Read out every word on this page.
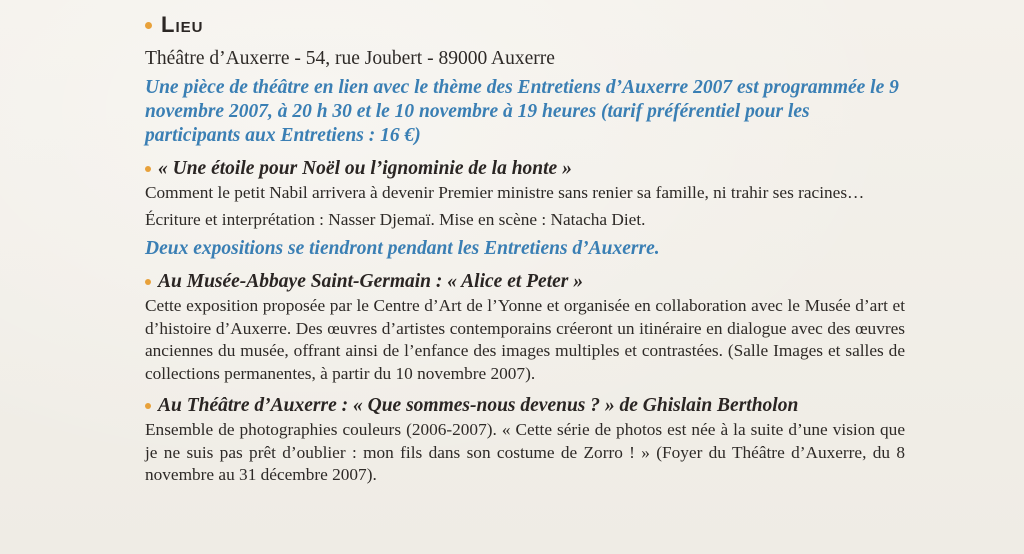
Lieu
Théâtre d’Auxerre - 54, rue Joubert - 89000 Auxerre
Une pièce de théâtre en lien avec le thème des Entretiens d’Auxerre 2007 est programmée le 9 novembre 2007, à 20 h 30 et le 10 novembre à 19 heures (tarif préférentiel pour les participants aux Entretiens : 16 €)
« Une étoile pour Noël ou l’ignominie de la honte »
Comment le petit Nabil arrivera à devenir Premier ministre sans renier sa famille, ni trahir ses racines…
Écriture et interprétation : Nasser Djemaï. Mise en scène : Natacha Diet.
Deux expositions se tiendront pendant les Entretiens d’Auxerre.
Au Musée-Abbaye Saint-Germain : « Alice et Peter »
Cette exposition proposée par le Centre d’Art de l’Yonne et organisée en collaboration avec le Musée d’art et d’histoire d’Auxerre. Des œuvres d’artistes contemporains créeront un itinéraire en dialogue avec des œuvres anciennes du musée, offrant ainsi de l’enfance des images multiples et contrastées. (Salle Images et salles de collections permanentes, à partir du 10 novembre 2007).
Au Théâtre d’Auxerre : « Que sommes-nous devenus ? » de Ghislain Bertholon
Ensemble de photographies couleurs (2006-2007). « Cette série de photos est née à la suite d’une vision que je ne suis pas prêt d’oublier : mon fils dans son costume de Zorro ! » (Foyer du Théâtre d’Auxerre, du 8 novembre au 31 décembre 2007).
